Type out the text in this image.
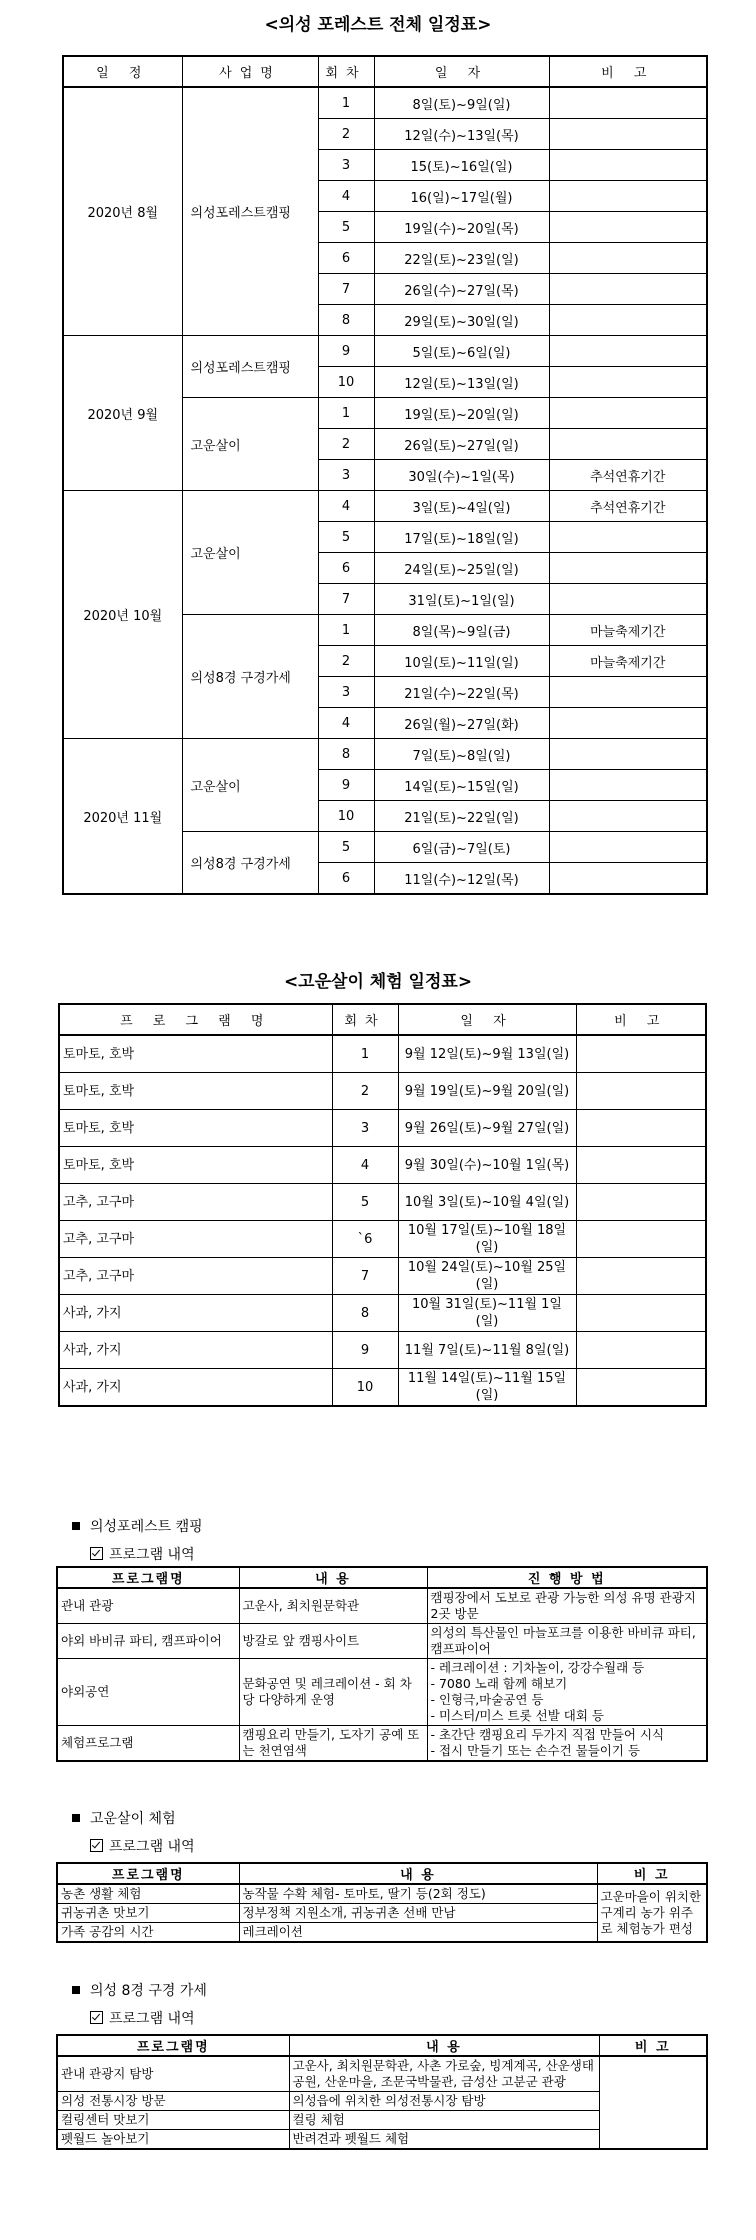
<의성 포레스트 전체 일정표>
일 정	사업명	회차	일 자	비 고
2020년 8월	의성포레스트캠핑	1	8일(토)~9일(일)	
		2	12일(수)~13일(목)	
		3	15(토)~16일(일)	
		4	16(일)~17일(월)	
		5	19일(수)~20일(목)	
		6	22일(토)~23일(일)	
		7	26일(수)~27일(목)	
		8	29일(토)~30일(일)	
2020년 9월	의성포레스트캠핑	9	5일(토)~6일(일)	
		10	12일(토)~13일(일)	
	고운살이	1	19일(토)~20일(일)	
		2	26일(토)~27일(일)	
		3	30일(수)~1일(목)	추석연휴기간
2020년 10월	고운살이	4	3일(토)~4일(일)	추석연휴기간
		5	17일(토)~18일(일)	
		6	24일(토)~25일(일)	
		7	31일(토)~1일(일)	
	의성8경 구경가세	1	8일(목)~9일(금)	마늘축제기간
		2	10일(토)~11일(일)	마늘축제기간
		3	21일(수)~22일(목)	
		4	26일(월)~27일(화)	
2020년 11월	고운살이	8	7일(토)~8일(일)	
		9	14일(토)~15일(일)	
		10	21일(토)~22일(일)	
	의성8경 구경가세	5	6일(금)~7일(토)	
		6	11일(수)~12일(목)	
<고운살이 체험 일정표>
프 로 그 램 명	회차	일 자	비 고
토마토, 호박	1	9월 12일(토)~9월 13일(일)	
토마토, 호박	2	9월 19일(토)~9월 20일(일)	
토마토, 호박	3	9월 26일(토)~9월 27일(일)	
토마토, 호박	4	9월 30일(수)~10월 1일(목)	
고추, 고구마	5	10월 3일(토)~10월 4일(일)	
고추, 고구마	`6	10월 17일(토)~10월 18일(일)	
고추, 고구마	7	10월 24일(토)~10월 25일(일)	
사과, 가지	8	10월 31일(토)~11월 1일(일)	
사과, 가지	9	11월 7일(토)~11월 8일(일)	
사과, 가지	10	11월 14일(토)~11월 15일(일)	
의성포레스트 캠핑
프로그램 내역
프로그램명	내 용	진 행 방 법
관내 관광	고운사, 최치원문학관	캠핑장에서 도보로 관광 가능한 의성 유명 관광지 2곳 방문
야외 바비큐 파티, 캠프파이어	방갈로 앞 캠핑사이트	의성의 특산물인 마늘포크를 이용한 바비큐 파티, 캠프파이어
야외공연	문화공연 및 레크레이션 - 회 차당 다양하게 운영	- 레크레이션 : 기차놀이, 강강수월래 등
- 7080 노래 함께 해보기
- 인형극,마술공연 등
- 미스터/미스 트롯 선발 대회 등
체험프로그램	캠핑요리 만들기, 도자기 공예 또는 천연염색	- 초간단 캠핑요리 두가지 직접 만들어 시식
- 접시 만들기 또는 손수건 물들이기 등
고운살이 체험
프로그램 내역
프로그램명	내 용	비 고
농촌 생활 체험	농작물 수확 체험- 토마토, 딸기 등(2회 정도)	고운마을이 위치한 구계리 농가 위주로 체험농가 편성
귀농귀촌 맛보기	정부정책 지원소개, 귀농귀촌 선배 만남	
가족 공감의 시간	레크레이션	
의성 8경 구경 가세
프로그램 내역
프로그램명	내 용	비 고
관내 관광지 탐방	고운사, 최치원문학관, 사촌 가로숲, 빙계계곡, 산운생태공원, 산운마을, 조문국박물관, 금성산 고분군 관광	
의성 전통시장 방문	의성읍에 위치한 의성전통시장 탐방	
컬링센터 맛보기	컬링 체험	
펫월드 놀아보기	반려견과 펫월드 체험	
